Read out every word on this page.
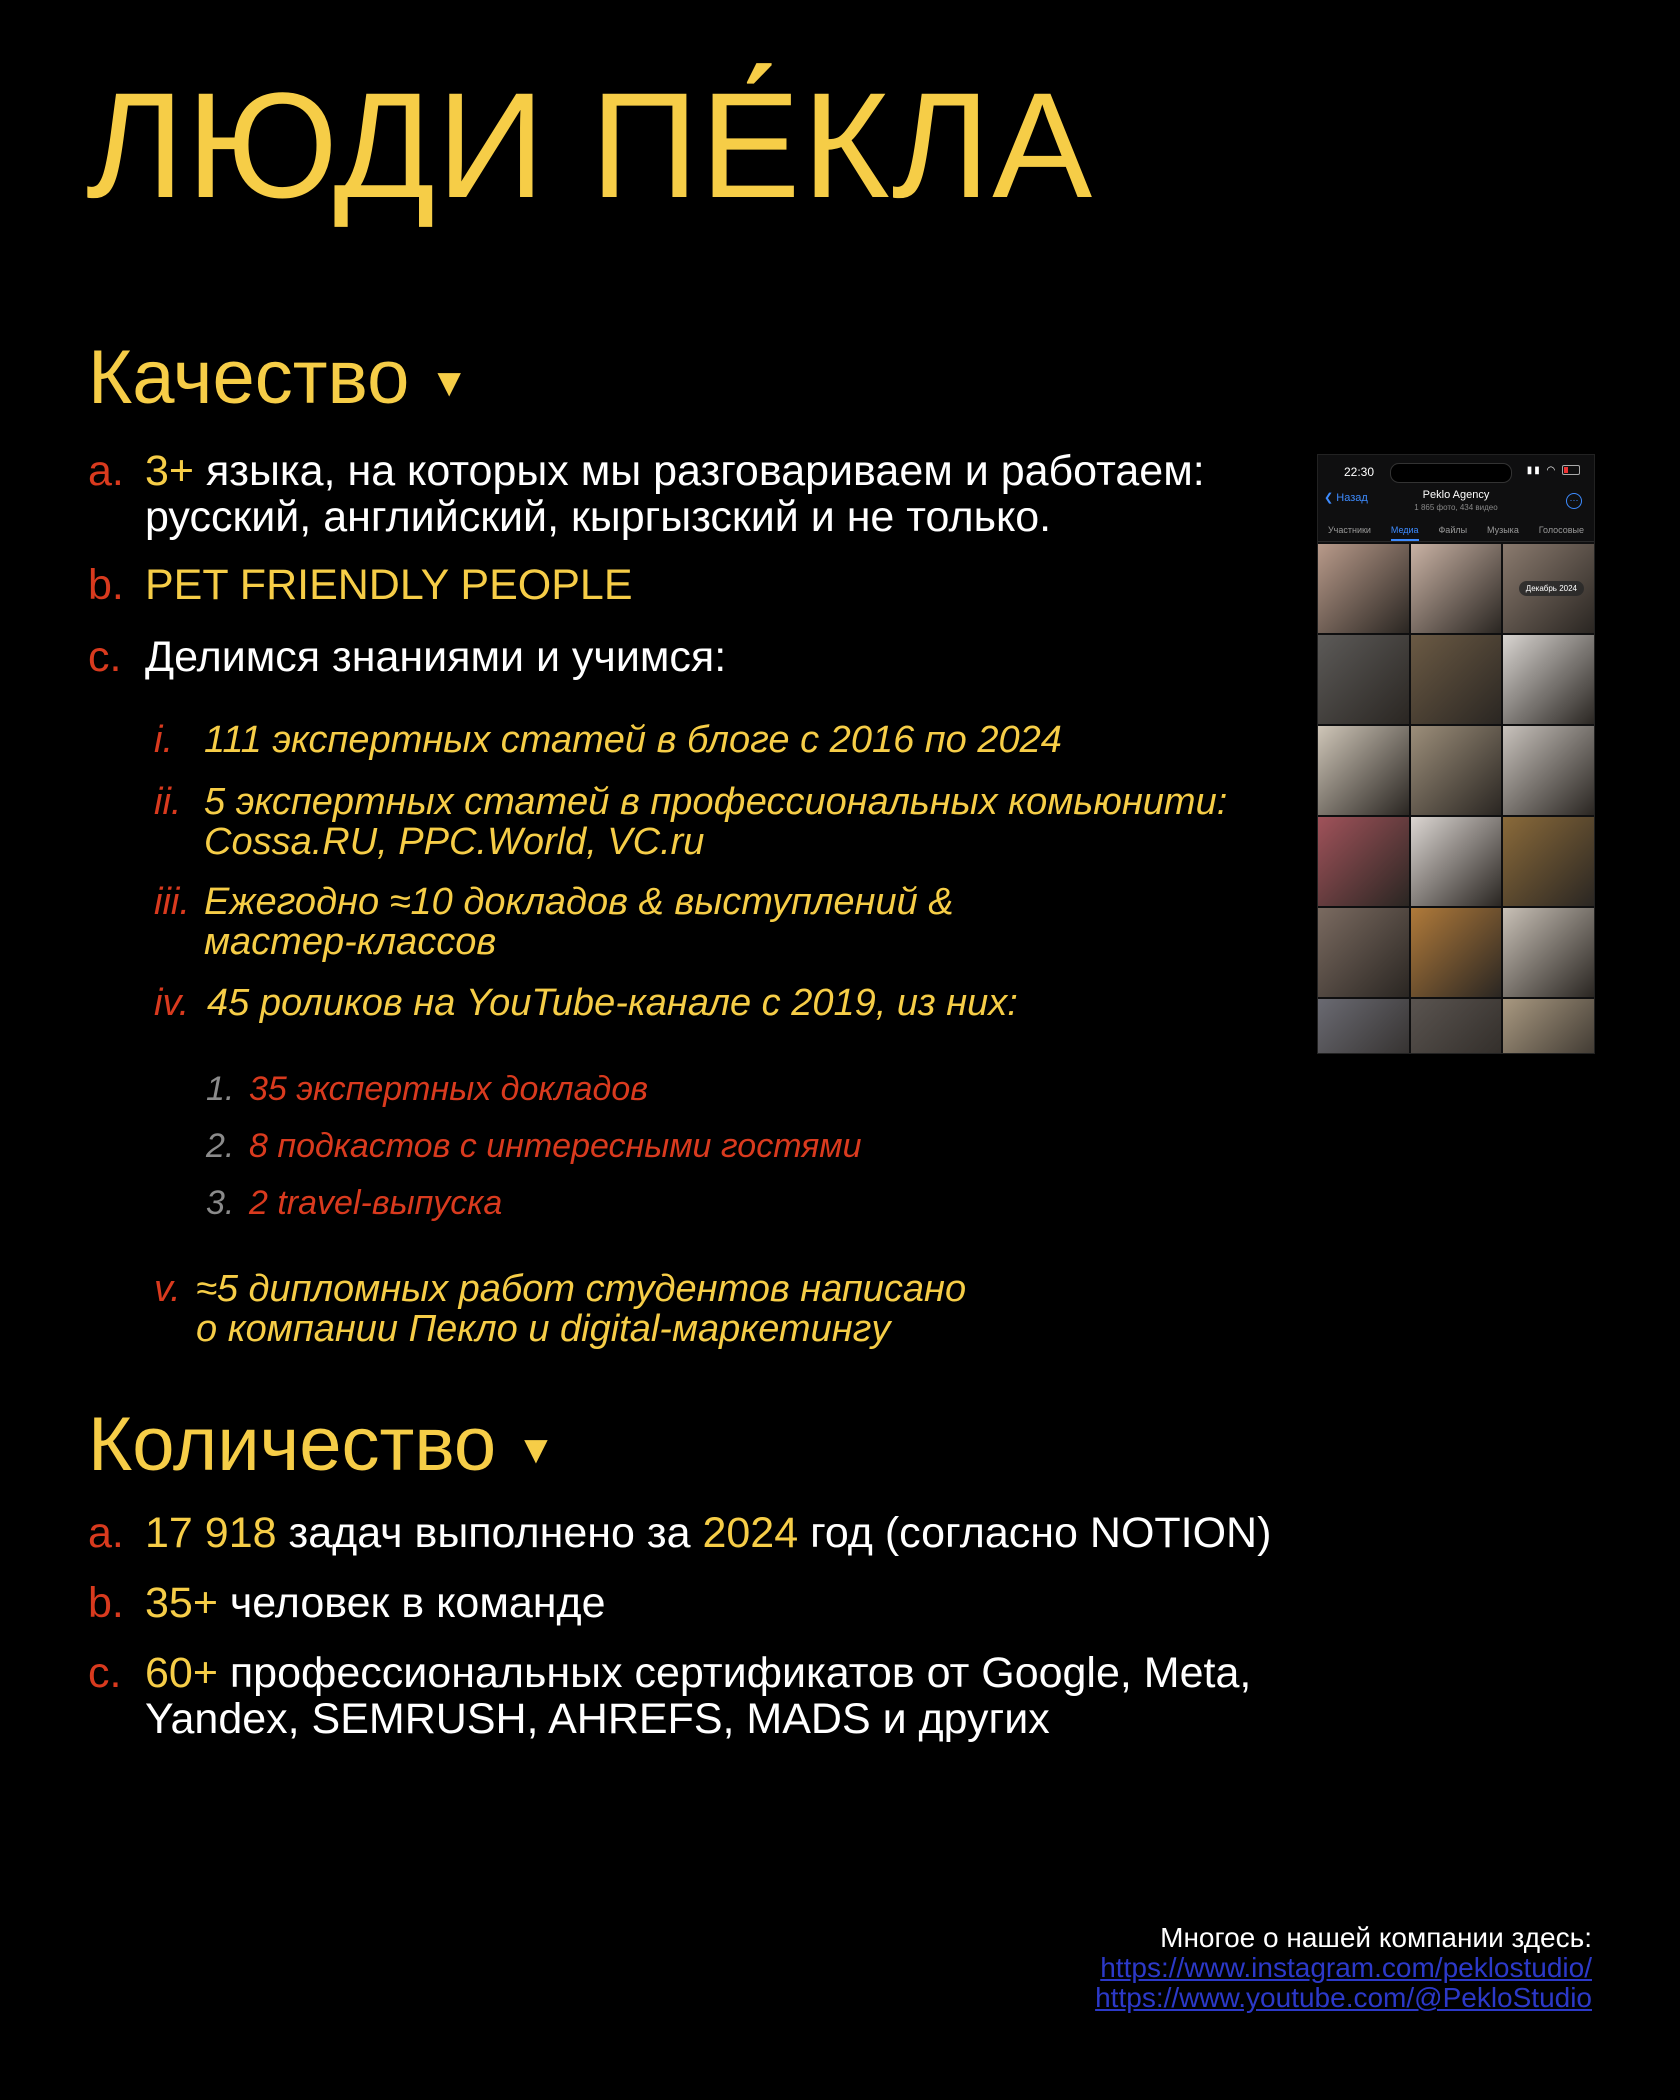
ЛЮДИ ПЕ́КЛА
Качество ▼
a. 3+ языка, на которых мы разговариваем и работаем:
русский, английский, кыргызский и не только.
b. PET FRIENDLY PEOPLE
c. Делимся знаниями и учимся:
i. 111 экспертных статей в блоге с 2016 по 2024
ii. 5 экспертных статей в профессиональных комьюнити:
Cossa.RU, PPC.World, VC.ru
iii. Ежегодно ≈10 докладов & выступлений &
мастер-классов
iv. 45 роликов на YouTube-канале с 2019, из них:
1. 35 экспертных докладов
2. 8 подкастов с интересными гостями
3. 2 travel-выпуска
v. ≈5 дипломных работ студентов написано
о компании Пекло и digital-маркетингу
22:30	▮▮ ◠
❮ Назад	Peklo Agency
1 865 фото, 434 видео
⋯
Участники Медиа Файлы Музыка Голосовые
Декабрь 2024
Количество ▼
a. 17 918 задач выполнено за 2024 год (согласно NOTION)
b. 35+ человек в команде
c. 60+ профессиональных сертификатов от Google, Meta,
Yandex, SEMRUSH, AHREFS, MADS и других
Многое о нашей компании здесь:
https://www.instagram.com/peklostudio/
https://www.youtube.com/@PekloStudio
